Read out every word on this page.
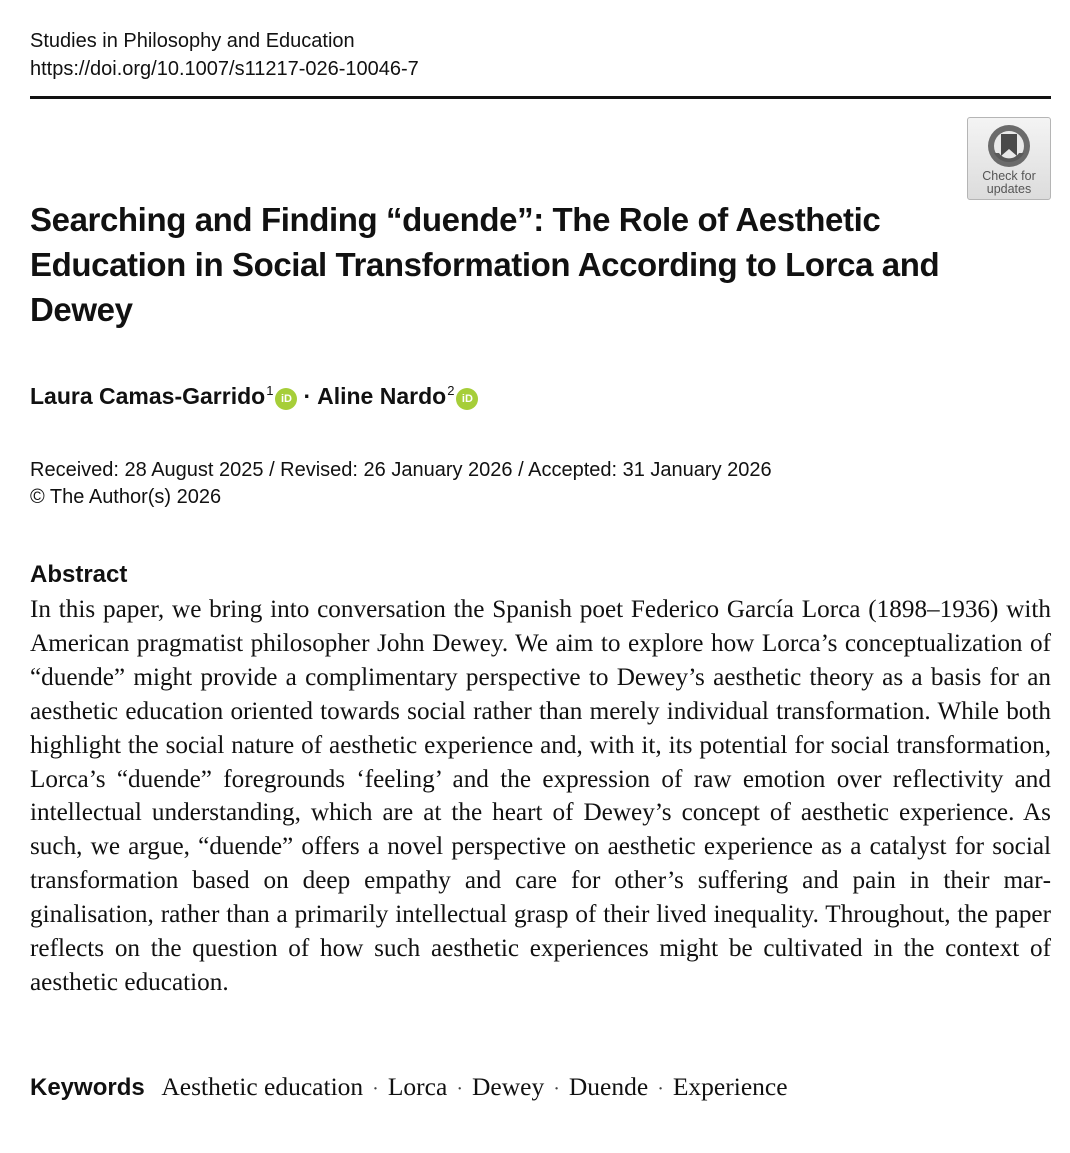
Studies in Philosophy and Education
https://doi.org/10.1007/s11217-026-10046-7
Check for
updates
Searching and Finding “duende”: The Role of Aesthetic Education in Social Transformation According to Lorca and Dewey
Laura Camas-Garrido$^1$iD · Aline Nardo$^2$iD
Received: 28 August 2025 / Revised: 26 January 2026 / Accepted: 31 January 2026
© The Author(s) 2026
Abstract

In this paper, we bring into conversation the Spanish poet Federico García Lorca (1898–1936) with American pragmatist philosopher John Dewey. We aim to explore how Lorca’s conceptualization of “duende” might provide a complimentary perspective to Dewey’s aesthetic theory as a basis for an aesthetic education oriented towards social rather than merely individual transformation. While both highlight the social nature of aesthetic experience and, with it, its potential for social transformation, Lorca’s “duende” foregrounds ‘feeling’ and the expression of raw emotion over reflectivity and intellectual understanding, which are at the heart of Dewey’s concept of aesthetic experience. As such, we argue, “duende” offers a novel perspective on aesthetic experience as a catalyst for social transformation based on deep empathy and care for other’s suffering and pain in their marginalisation, rather than a primarily intellectual grasp of their lived inequality. Throughout, the paper reflects on the question of how such aesthetic experiences might be cultivated in the context of aesthetic education.

Keywords Aesthetic education · Lorca · Dewey · Duende · Experience
